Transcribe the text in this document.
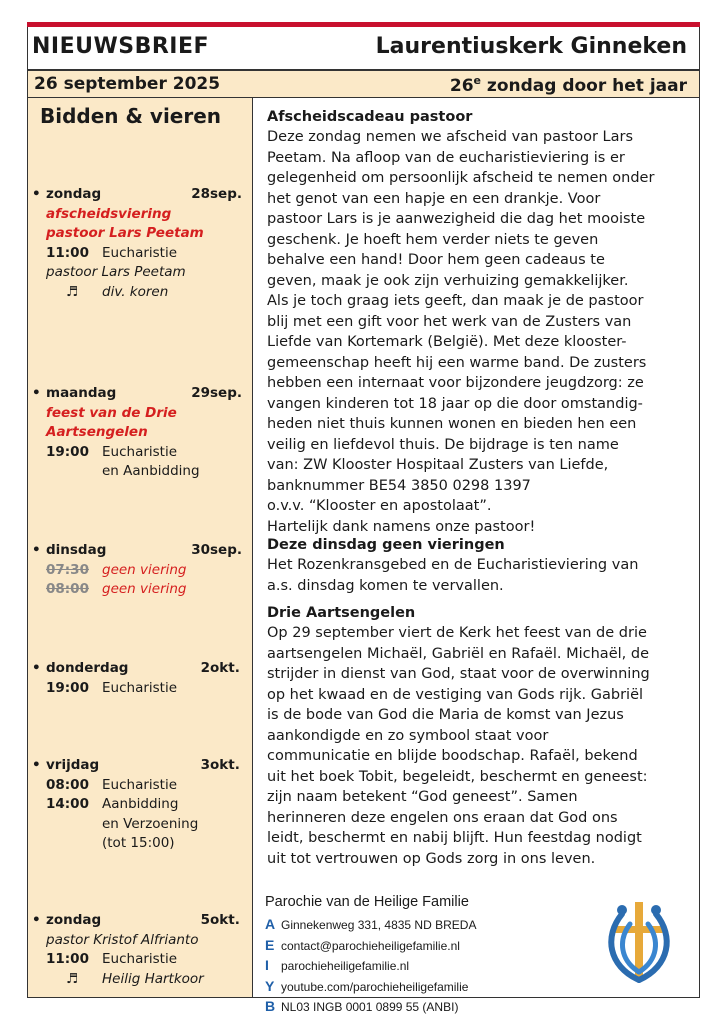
NIEUWSBRIEF	Laurentiuskerk Ginneken
26 september 2025	26e zondag door het jaar
Bidden & vieren
• zondag	28 sep.
afscheidsviering
pastoor Lars Peetam
11:00 Eucharistie
pastoor Lars Peetam
♬ div. koren
• maandag	29 sep.
feest van de Drie
Aartsengelen
19:00 Eucharistie
en Aanbidding
• dinsdag	30 sep.
07:30 geen viering
08:00 geen viering
• donderdag	2 okt.
19:00 Eucharistie
• vrijdag	3 okt.
08:00 Eucharistie
14:00 Aanbidding
en Verzoening
(tot 15:00)
• zondag	5 okt.
pastor Kristof Alfrianto
11:00 Eucharistie
♬ Heilig Hartkoor
Afscheidscadeau pastoor
Deze zondag nemen we afscheid van pastoor Lars
Peetam. Na afloop van de eucharistieviering is er
gelegenheid om persoonlijk afscheid te nemen onder
het genot van een hapje en een drankje. Voor
pastoor Lars is je aanwezigheid die dag het mooiste
geschenk. Je hoeft hem verder niets te geven
behalve een hand! Door hem geen cadeaus te
geven, maak je ook zijn verhuizing gemakkelijker.
Als je toch graag iets geeft, dan maak je de pastoor
blij met een gift voor het werk van de Zusters van
Liefde van Kortemark (België). Met deze klooster-
gemeenschap heeft hij een warme band. De zusters
hebben een internaat voor bijzondere jeugdzorg: ze
vangen kinderen tot 18 jaar op die door omstandig-
heden niet thuis kunnen wonen en bieden hen een
veilig en liefdevol thuis. De bijdrage is ten name
van: ZW Klooster Hospitaal Zusters van Liefde,
banknummer BE54 3850 0298 1397
o.v.v. “Klooster en apostolaat”.
Hartelijk dank namens onze pastoor!
Deze dinsdag geen vieringen
Het Rozenkransgebed en de Eucharistieviering van
a.s. dinsdag komen te vervallen.
Drie Aartsengelen
Op 29 september viert de Kerk het feest van de drie
aartsengelen Michaël, Gabriël en Rafaël. Michaël, de
strijder in dienst van God, staat voor de overwinning
op het kwaad en de vestiging van Gods rijk. Gabriël
is de bode van God die Maria de komst van Jezus
aankondigde en zo symbool staat voor
communicatie en blijde boodschap. Rafaël, bekend
uit het boek Tobit, begeleidt, beschermt en geneest:
zijn naam betekent “God geneest”. Samen
herinneren deze engelen ons eraan dat God ons
leidt, beschermt en nabij blijft. Hun feestdag nodigt
uit tot vertrouwen op Gods zorg in ons leven.
Parochie van de Heilige Familie
A Ginnekenweg 331, 4835 ND BREDA
E contact@parochieheiligefamilie.nl
I parochieheiligefamilie.nl
Y youtube.com/parochieheiligefamilie
B NL03 INGB 0001 0899 55 (ANBI)
